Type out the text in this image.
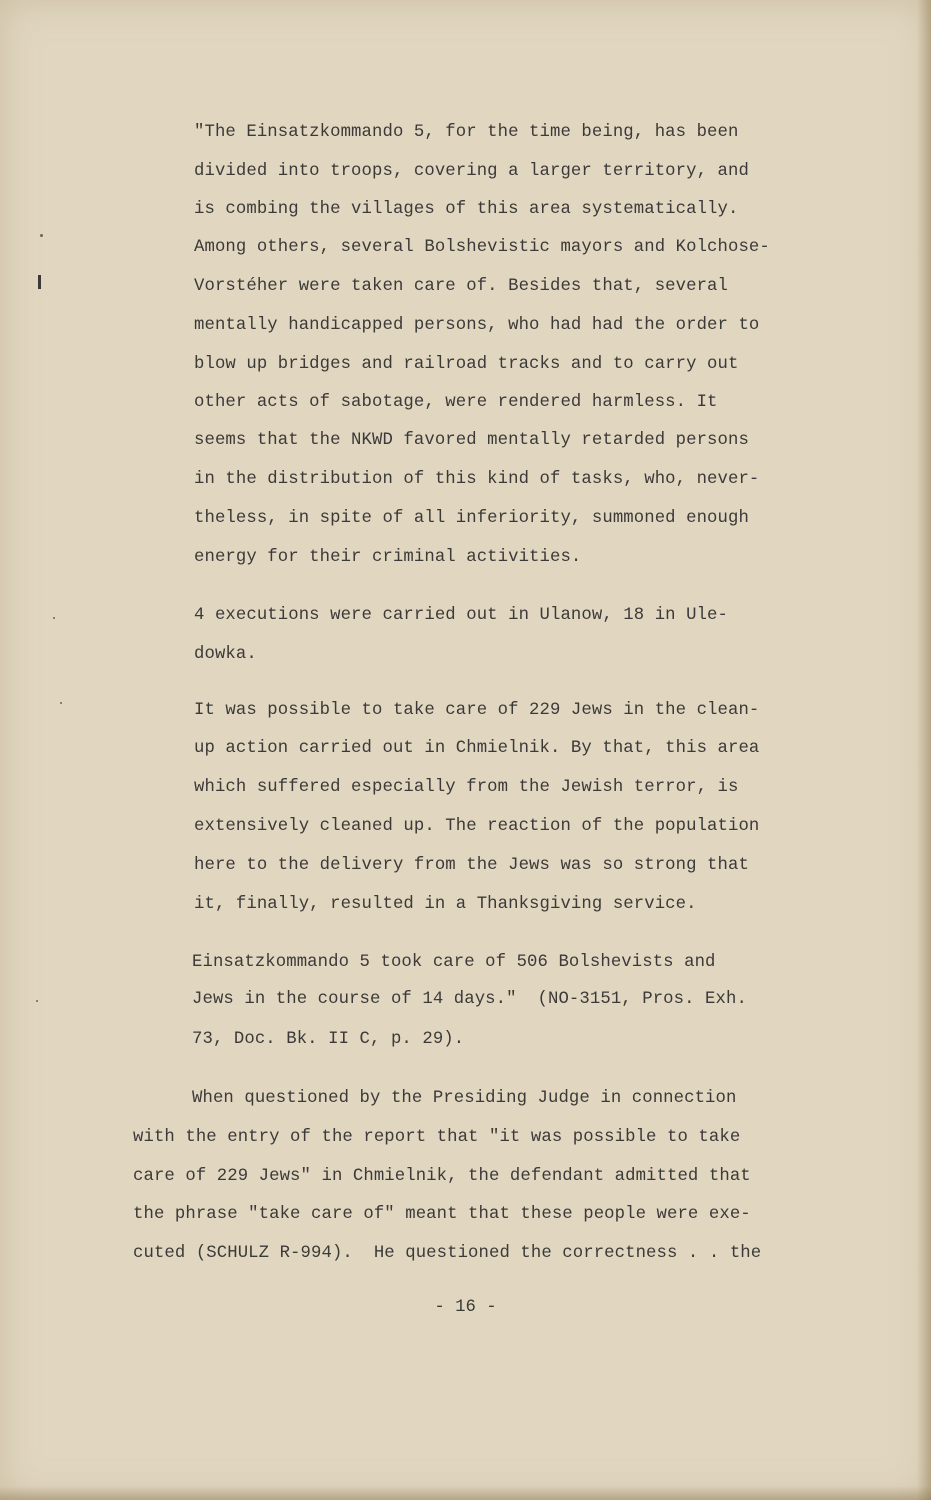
"The Einsatzkommando 5, for the time being, has been
divided into troops, covering a larger territory, and
is combing the villages of this area systematically.
Among others, several Bolshevistic mayors and Kolchose-
Vorstéher were taken care of. Besides that, several
mentally handicapped persons, who had had the order to
blow up bridges and railroad tracks and to carry out
other acts of sabotage, were rendered harmless. It
seems that the NKWD favored mentally retarded persons
in the distribution of this kind of tasks, who, never-
theless, in spite of all inferiority, summoned enough
energy for their criminal activities.
4 executions were carried out in Ulanow, 18 in Ule-
dowka.
It was possible to take care of 229 Jews in the clean-
up action carried out in Chmielnik. By that, this area
which suffered especially from the Jewish terror, is
extensively cleaned up. The reaction of the population
here to the delivery from the Jews was so strong that
it, finally, resulted in a Thanksgiving service.
Einsatzkommando 5 took care of 506 Bolshevists and
Jews in the course of 14 days."  (NO-3151, Pros. Exh.
73, Doc. Bk. II C, p. 29).
When questioned by the Presiding Judge in connection
with the entry of the report that "it was possible to take
care of 229 Jews" in Chmielnik, the defendant admitted that
the phrase "take care of" meant that these people were exe-
cuted (SCHULZ R-994).  He questioned the correctness . . the
- 16 -
